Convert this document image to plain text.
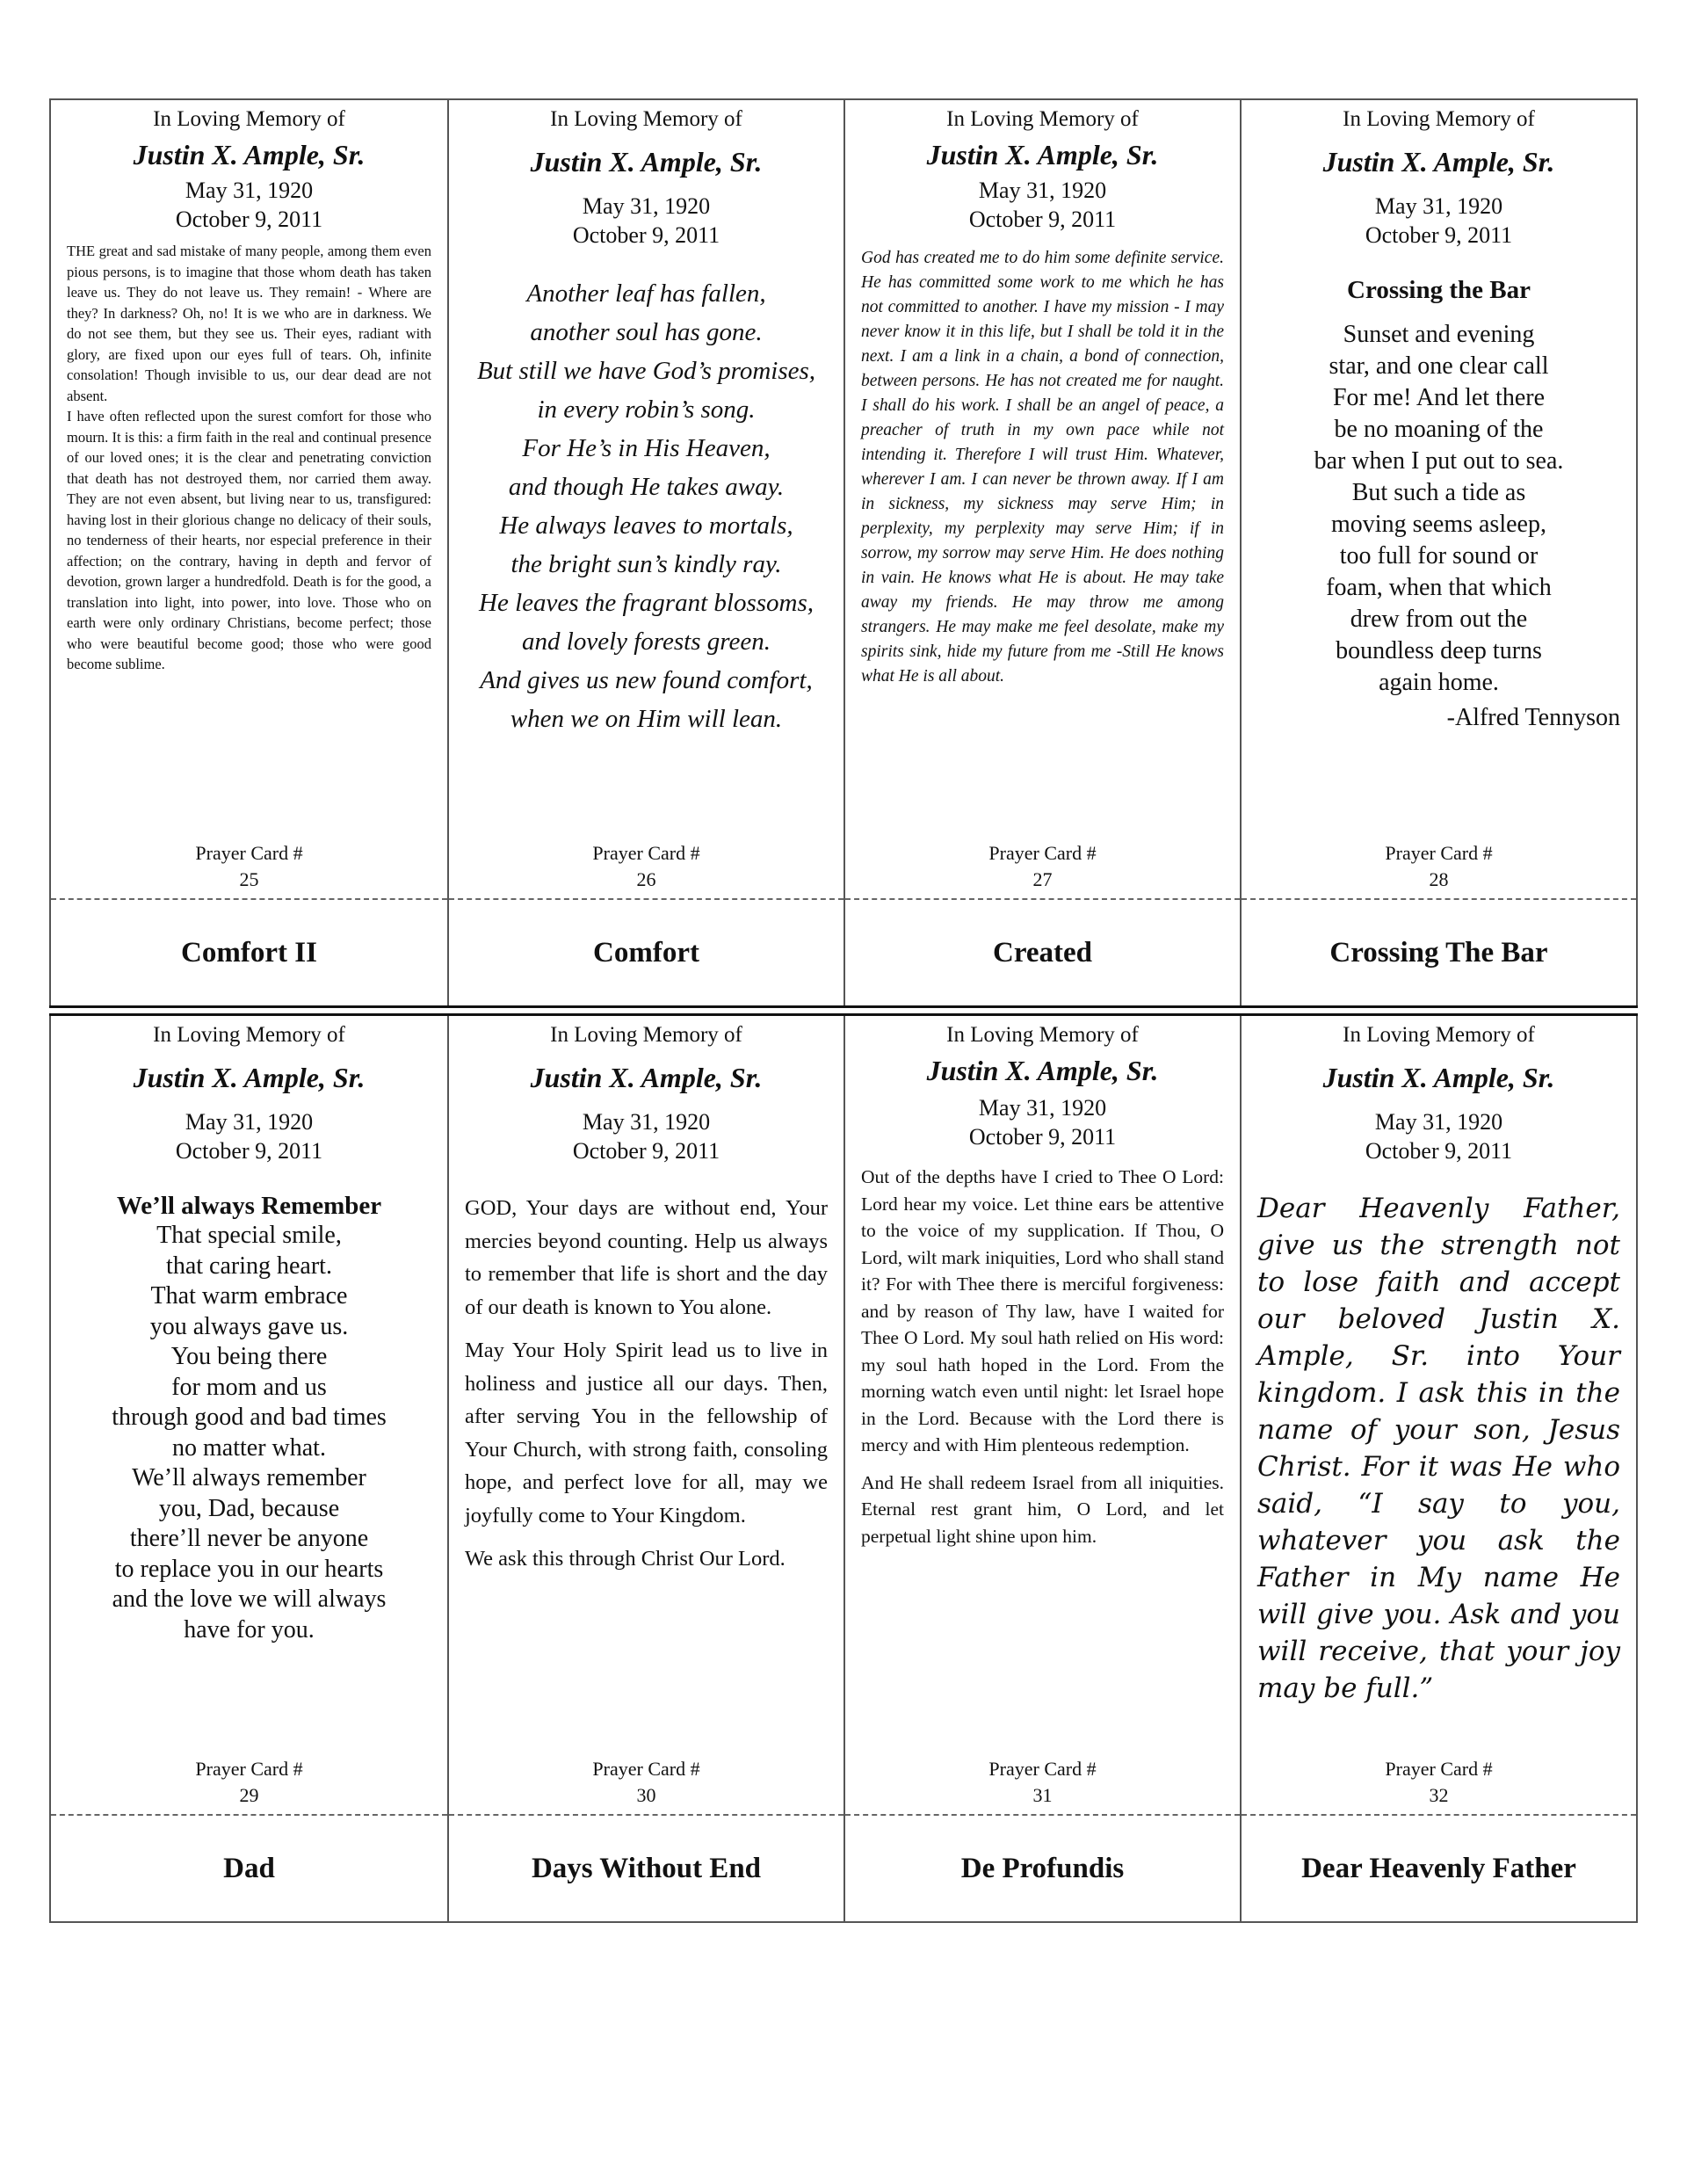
In Loving Memory of
Justin X. Ample, Sr.
May 31, 1920
October 9, 2011

THE great and sad mistake of many people, among them even pious persons, is to imagine that those whom death has taken leave us. They do not leave us. They remain! - Where are they? In darkness? Oh, no! It is we who are in darkness. We do not see them, but they see us. Their eyes, radiant with glory, are fixed upon our eyes full of tears. Oh, infinite consolation! Though invisible to us, our dear dead are not absent.

I have often reflected upon the surest comfort for those who mourn. It is this: a firm faith in the real and continual presence of our loved ones; it is the clear and penetrating conviction that death has not destroyed them, nor carried them away. They are not even absent, but living near to us, transfigured: having lost in their glorious change no delicacy of their souls, no tenderness of their hearts, nor especial preference in their affection; on the contrary, having in depth and fervor of devotion, grown larger a hundredfold. Death is for the good, a translation into light, into power, into love. Those who on earth were only ordinary Christians, become perfect; those who were beautiful become good; those who were good become sublime.

Prayer Card #
25
Comfort II
In Loving Memory of
Justin X. Ample, Sr.
May 31, 1920
October 9, 2011
Another leaf has fallen,
another soul has gone.
But still we have God’s promises,
in every robin’s song.
For He’s in His Heaven,
and though He takes away.
He always leaves to mortals,
the bright sun’s kindly ray.
He leaves the fragrant blossoms,
and lovely forests green.
And gives us new found comfort,
when we on Him will lean.
Prayer Card #
26
Comfort
In Loving Memory of
Justin X. Ample, Sr.
May 31, 1920
October 9, 2011
God has created me to do him some definite service. He has committed some work to me which he has not committed to another. I have my mission - I may never know it in this life, but I shall be told it in the next. I am a link in a chain, a bond of connection, between persons. He has not created me for naught. I shall do his work. I shall be an angel of peace, a preacher of truth in my own pace while not intending it. Therefore I will trust Him. Whatever, wherever I am. I can never be thrown away. If I am in sickness, my sickness may serve Him; in perplexity, my perplexity may serve Him; if in sorrow, my sorrow may serve Him. He does nothing in vain. He knows what He is about. He may take away my friends. He may throw me among strangers. He may make me feel desolate, make my spirits sink, hide my future from me -Still He knows what He is all about.
Prayer Card #
27
Created
In Loving Memory of
Justin X. Ample, Sr.
May 31, 1920
October 9, 2011
Crossing the Bar
Sunset and evening
star, and one clear call
For me! And let there
be no moaning of the
bar when I put out to sea.
But such a tide as
moving seems asleep,
too full for sound or
foam, when that which
drew from out the
boundless deep turns
again home.
-Alfred Tennyson
Prayer Card #
28
Crossing The Bar
In Loving Memory of
Justin X. Ample, Sr.
May 31, 1920
October 9, 2011
We’ll always Remember
That special smile,
that caring heart.
That warm embrace
you always gave us.
You being there
for mom and us
through good and bad times
no matter what.
We’ll always remember
you, Dad, because
there’ll never be anyone
to replace you in our hearts
and the love we will always
have for you.
Prayer Card #
29
Dad
In Loving Memory of
Justin X. Ample, Sr.
May 31, 1920
October 9, 2011

GOD, Your days are without end, Your mercies beyond counting. Help us always to remember that life is short and the day of our death is known to You alone.

May Your Holy Spirit lead us to live in holiness and justice all our days. Then, after serving You in the fellowship of Your Church, with strong faith, consoling hope, and perfect love for all, may we joyfully come to Your Kingdom.

We ask this through Christ Our Lord.

Prayer Card #
30
Days Without End
In Loving Memory of
Justin X. Ample, Sr.
May 31, 1920
October 9, 2011

Out of the depths have I cried to Thee O Lord: Lord hear my voice. Let thine ears be attentive to the voice of my supplication. If Thou, O Lord, wilt mark iniquities, Lord who shall stand it? For with Thee there is merciful forgiveness: and by reason of Thy law, have I waited for Thee O Lord. My soul hath relied on His word: my soul hath hoped in the Lord. From the morning watch even until night: let Israel hope in the Lord. Because with the Lord there is mercy and with Him plenteous redemption.

And He shall redeem Israel from all iniquities. Eternal rest grant him, O Lord, and let perpetual light shine upon him.

Prayer Card #
31
De Profundis
In Loving Memory of
Justin X. Ample, Sr.
May 31, 1920
October 9, 2011
Dear Heavenly Father, give us the strength not to lose faith and accept our beloved Justin X. Ample, Sr. into Your kingdom. I ask this in the name of your son, Jesus Christ. For it was He who said, “I say to you, whatever you ask the Father in My name He will give you. Ask and you will receive, that your joy may be full.”
Prayer Card #
32
Dear Heavenly Father
